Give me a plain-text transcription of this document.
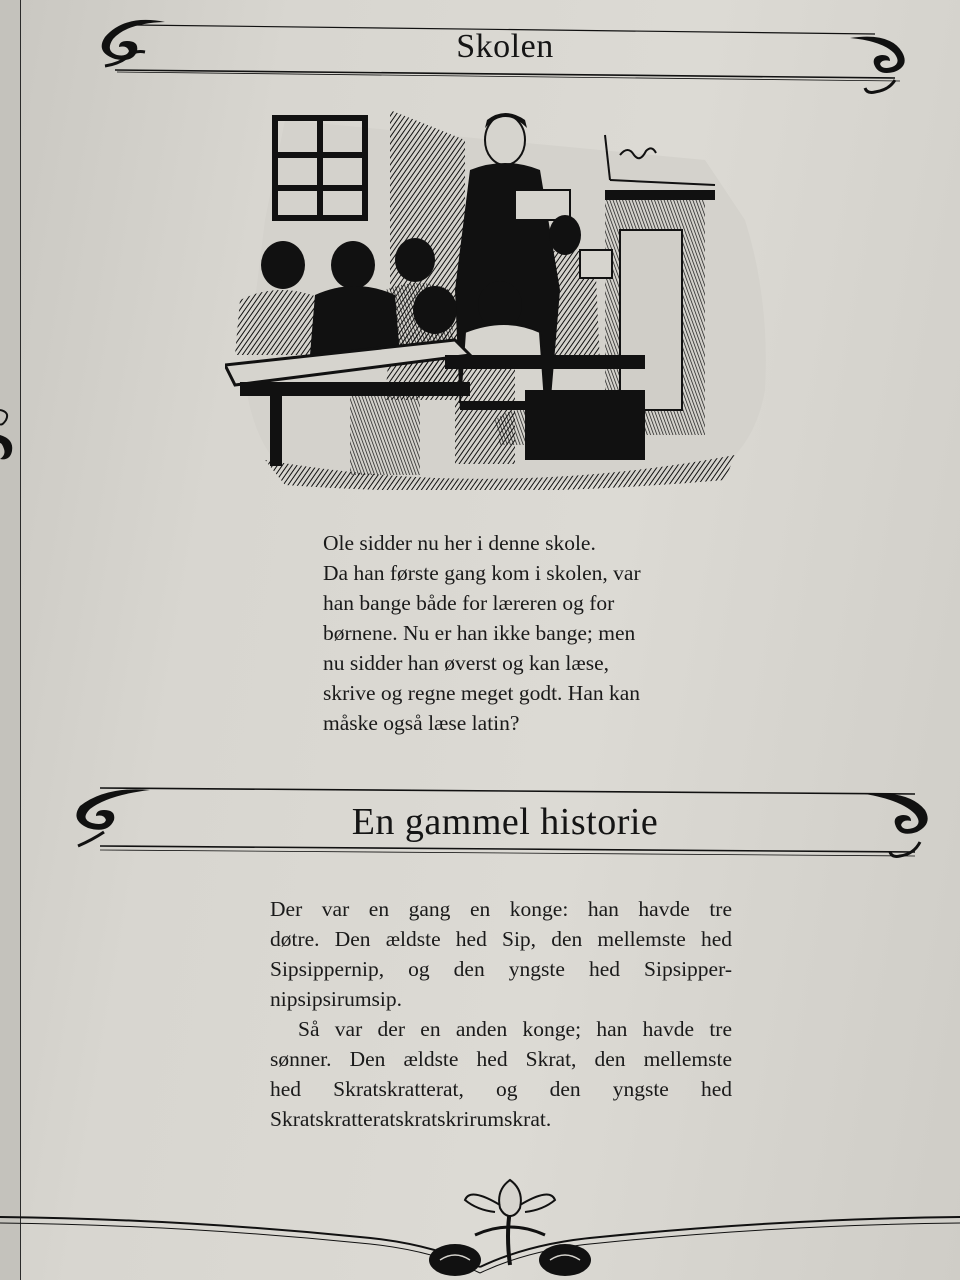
Skolen

Ole sidder nu her i denne skole.
Da han første gang kom i skolen, var
han bange både for læreren og for
børnene. Nu er han ikke bange; men
nu sidder han øverst og kan læse,
skrive og regne meget godt. Han kan
måske også læse latin?

En gammel historie

Der var en gang en konge: han havde tre
døtre. Den ældste hed Sip, den mellemste hed
Sipsippernip, og den yngste hed Sipsipper-
nipsipsirumsip.

Så var der en anden konge; han havde tre
sønner. Den ældste hed Skrat, den mellemste
hed Skratskratterat, og den yngste hed
Skratskratteratskratskrirumskrat.
